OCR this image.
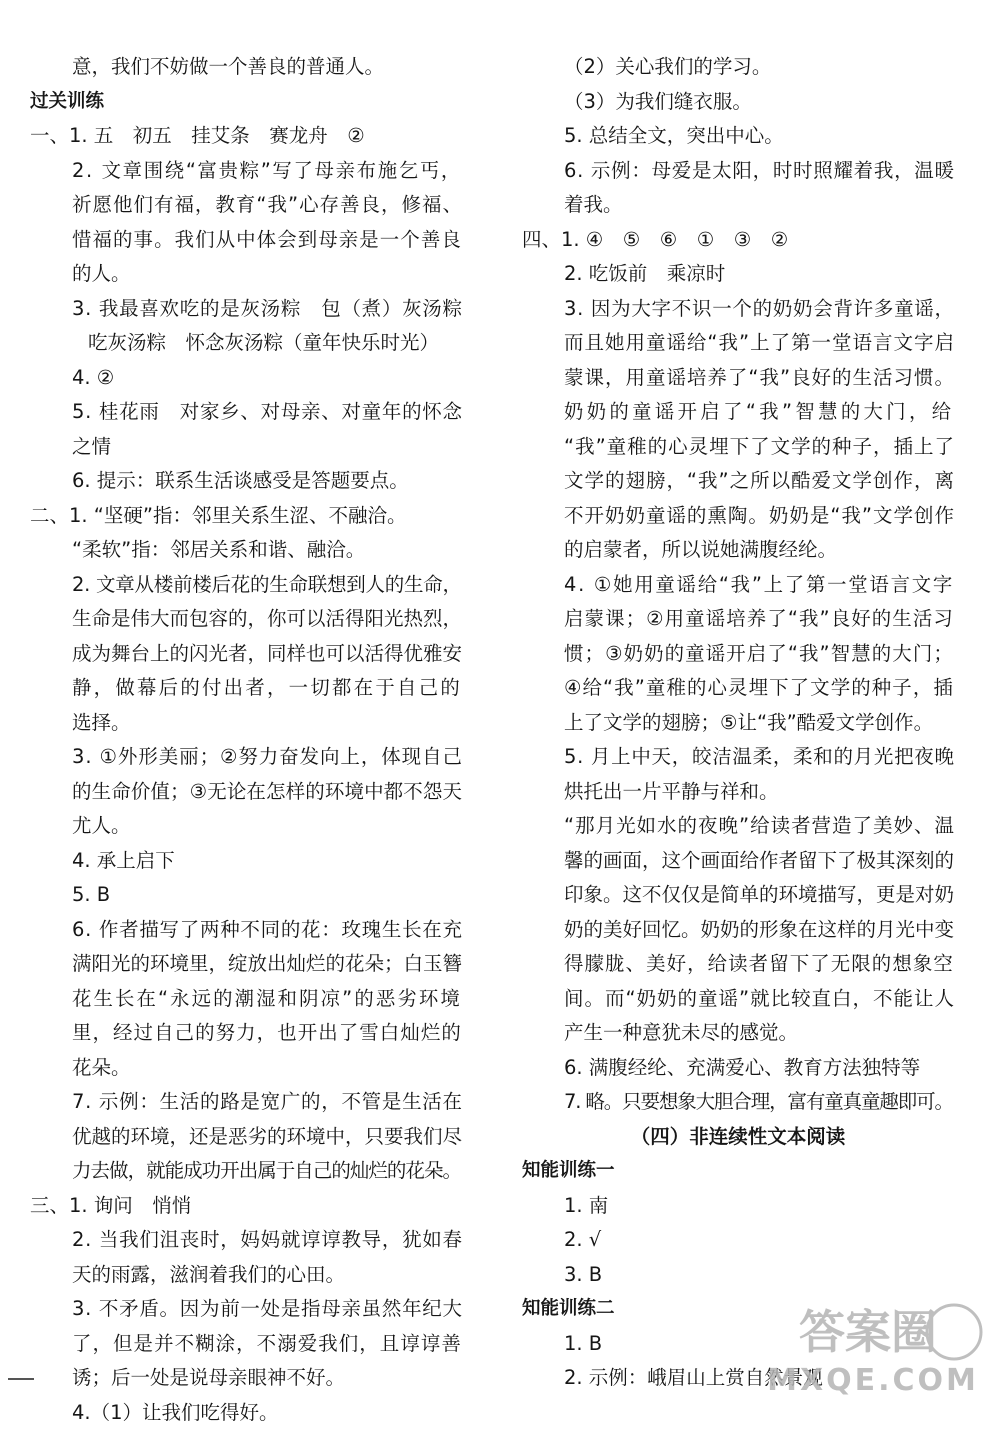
意，我们不妨做一个善良的普通人。
过关训练
一、1. 五　初五　挂艾条　赛龙舟　②
2. 文章围绕“富贵粽”写了母亲布施乞丐，
祈愿他们有福，教育“我”心存善良，修福、
惜福的事。我们从中体会到母亲是一个善良
的人。
3. 我最喜欢吃的是灰汤粽　包（煮）灰汤粽
吃灰汤粽　怀念灰汤粽（童年快乐时光）
4. ②
5. 桂花雨　对家乡、对母亲、对童年的怀念
之情
6. 提示：联系生活谈感受是答题要点。
二、1. “坚硬”指：邻里关系生涩、不融洽。
“柔软”指：邻居关系和谐、融洽。
2. 文章从楼前楼后花的生命联想到人的生命，
生命是伟大而包容的，你可以活得阳光热烈，
成为舞台上的闪光者，同样也可以活得优雅安
静，做幕后的付出者，一切都在于自己的
选择。
3. ①外形美丽；②努力奋发向上，体现自己
的生命价值；③无论在怎样的环境中都不怨天
尤人。
4. 承上启下
5. B
6. 作者描写了两种不同的花：玫瑰生长在充
满阳光的环境里，绽放出灿烂的花朵；白玉簪
花生长在“永远的潮湿和阴凉”的恶劣环境
里，经过自己的努力，也开出了雪白灿烂的
花朵。
7. 示例：生活的路是宽广的，不管是生活在
优越的环境，还是恶劣的环境中，只要我们尽
力去做，就能成功开出属于自己的灿烂的花朵。
三、1. 询问　悄悄
2. 当我们沮丧时，妈妈就谆谆教导，犹如春
天的雨露，滋润着我们的心田。
3. 不矛盾。因为前一处是指母亲虽然年纪大
了，但是并不糊涂，不溺爱我们，且谆谆善
诱；后一处是说母亲眼神不好。
4.（1）让我们吃得好。
（2）关心我们的学习。
（3）为我们缝衣服。
5. 总结全文，突出中心。
6. 示例：母爱是太阳，时时照耀着我，温暖
着我。
四、1. ④　⑤　⑥　①　③　②
2. 吃饭前　乘凉时
3. 因为大字不识一个的奶奶会背许多童谣，
而且她用童谣给“我”上了第一堂语言文字启
蒙课，用童谣培养了“我”良好的生活习惯。
奶奶的童谣开启了“我”智慧的大门，给
“我”童稚的心灵埋下了文学的种子，插上了
文学的翅膀，“我”之所以酷爱文学创作，离
不开奶奶童谣的熏陶。奶奶是“我”文学创作
的启蒙者，所以说她满腹经纶。
4. ①她用童谣给“我”上了第一堂语言文字
启蒙课；②用童谣培养了“我”良好的生活习
惯；③奶奶的童谣开启了“我”智慧的大门；
④给“我”童稚的心灵埋下了文学的种子，插
上了文学的翅膀；⑤让“我”酷爱文学创作。
5. 月上中天，皎洁温柔，柔和的月光把夜晚
烘托出一片平静与祥和。
“那月光如水的夜晚”给读者营造了美妙、温
馨的画面，这个画面给作者留下了极其深刻的
印象。这不仅仅是简单的环境描写，更是对奶
奶的美好回忆。奶奶的形象在这样的月光中变
得朦胧、美好，给读者留下了无限的想象空
间。而“奶奶的童谣”就比较直白，不能让人
产生一种意犹未尽的感觉。
6. 满腹经纶、充满爱心、教育方法独特等
7. 略。只要想象大胆合理，富有童真童趣即可。
（四）非连续性文本阅读
知能训练一
1. 南
2. √
3. B
知能训练二
1. B
2. 示例：峨眉山上赏自然景观
答案圈
MXQE.COM
